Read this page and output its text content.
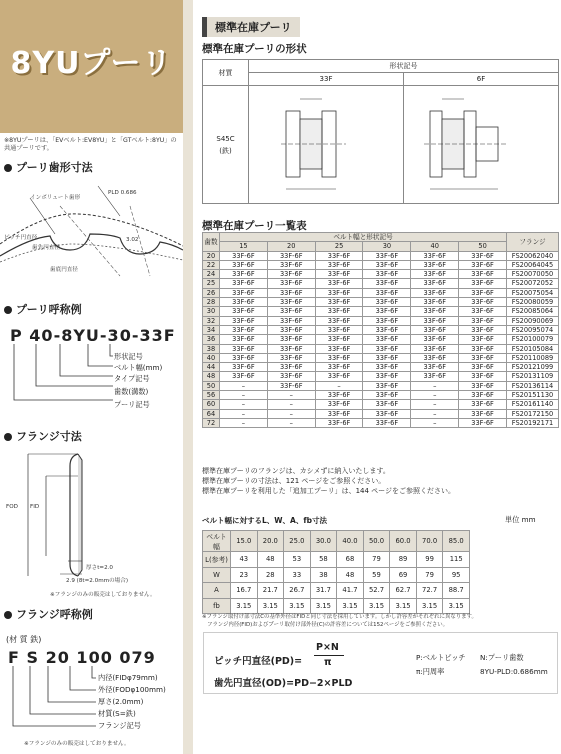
8YUプーリ
※8YUプーリは、「EVベルト:EV8YU」と「GTベルト:8YU」の共通プーリです。
プーリ歯形寸法
インボリュート歯形
PLD 0.686
ピッチ円直径
歯先円直径
歯底円直径
3.02
プーリ呼称例
P 40-8YU-30-33F
形状記号
ベルト幅(mm)
タイプ記号
歯数(溝数)
プーリ記号
フランジ寸法
FOD FID
厚さt=2.0
2.9 (8t=2.0mmの場合)
※フランジのみの販売はしておりません。
フランジ呼称例
(材 質 鉄)
F S 20 100 079
内径(FIDφ79mm)
外径(FODφ100mm)
厚さ(2.0mm)
材質(S=鉄)
フランジ記号
※フランジのみの販売はしておりません。
標準在庫プーリ
標準在庫プーリの形状
材質	形状記号	
	33F	6F
S45C
(鉄)		
標準在庫プーリ一覧表
歯数	ベルト幅と形状記号						フランジ
	15	20	25	30	40	50	
20	33F-6F	33F-6F	33F-6F	33F-6F	33F-6F	33F-6F	FS20062040
22	33F-6F	33F-6F	33F-6F	33F-6F	33F-6F	33F-6F	FS20064045
24	33F-6F	33F-6F	33F-6F	33F-6F	33F-6F	33F-6F	FS20070050
25	33F-6F	33F-6F	33F-6F	33F-6F	33F-6F	33F-6F	FS20072052
26	33F-6F	33F-6F	33F-6F	33F-6F	33F-6F	33F-6F	FS20075054
28	33F-6F	33F-6F	33F-6F	33F-6F	33F-6F	33F-6F	FS20080059
30	33F-6F	33F-6F	33F-6F	33F-6F	33F-6F	33F-6F	FS20085064
32	33F-6F	33F-6F	33F-6F	33F-6F	33F-6F	33F-6F	FS20090069
34	33F-6F	33F-6F	33F-6F	33F-6F	33F-6F	33F-6F	FS20095074
36	33F-6F	33F-6F	33F-6F	33F-6F	33F-6F	33F-6F	FS20100079
38	33F-6F	33F-6F	33F-6F	33F-6F	33F-6F	33F-6F	FS20105084
40	33F-6F	33F-6F	33F-6F	33F-6F	33F-6F	33F-6F	FS20110089
44	33F-6F	33F-6F	33F-6F	33F-6F	33F-6F	33F-6F	FS20121099
48	33F-6F	33F-6F	33F-6F	33F-6F	33F-6F	33F-6F	FS20131109
50	–	33F-6F	–	33F-6F	–	33F-6F	FS20136114
56	–	–	33F-6F	33F-6F	–	33F-6F	FS20151130
60	–	–	33F-6F	33F-6F	–	33F-6F	FS20161140
64	–	–	33F-6F	33F-6F	–	33F-6F	FS20172150
72	–	–	33F-6F	33F-6F	–	33F-6F	FS20192171
標準在庫プーリのフランジは、カシメずに納入いたします。
標準在庫プーリの寸法は、121 ページをご参照ください。
標準在庫プーリを利用した「追加工プーリ」は、144 ページをご参照ください。
ベルト幅に対するL、W、A、fb寸法	単位 mm
ベルト幅	15.0	20.0	25.0	30.0	40.0	50.0	60.0	70.0	85.0
L(参考)	43	48	53	58	68	79	89	99	115
W	23	28	33	38	48	59	69	79	95
A	16.7	21.7	26.7	31.7	41.7	52.7	62.7	72.7	88.7
fb	3.15	3.15	3.15	3.15	3.15	3.15	3.15	3.15	3.15
※フランジ取付け部寸法Cの基準外径はFIDと同じ寸法を採用しています。しかし許容差がそれぞれに異なります。
フランジ内径(FID)およびプーリ取付け部外径(C)の許容差については152ページをご参照ください。
ピッチ円直径(PD)=
P×N
π
歯先円直径(OD)=PD−2×PLD
P:ベルトピッチ N:プーリ歯数
π:円周率	8YU-PLD:0.686mm
